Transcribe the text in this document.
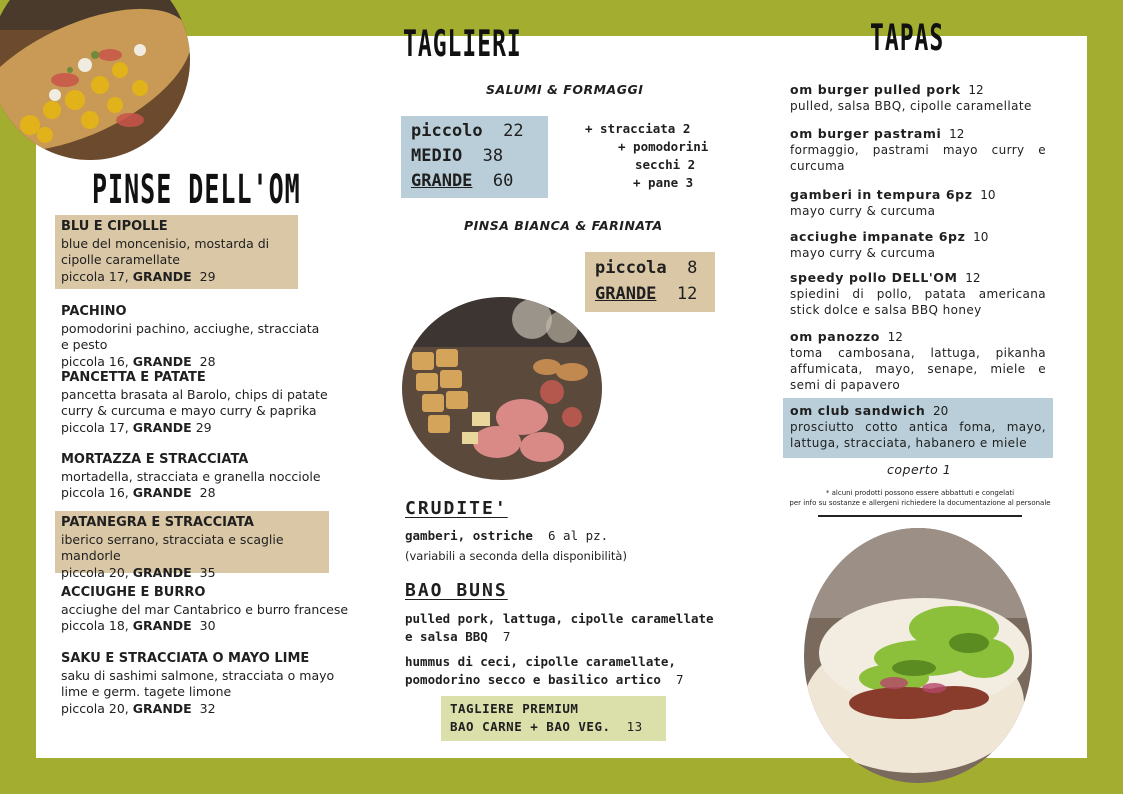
PINSE DELL'OM
BLU E CIPOLLE
blue del moncenisio, mostarda di cipolle caramellate
piccola 17, GRANDE 29
PACHINO
pomodorini pachino, acciughe, stracciata e pesto
piccola 16, GRANDE 28
PANCETTA E PATATE
pancetta brasata al Barolo, chips di patate curry & curcuma e mayo curry & paprika
piccola 17, GRANDE 29
MORTAZZA E STRACCIATA
mortadella, stracciata e granella nocciole
piccola 16, GRANDE 28
PATANEGRA E STRACCIATA
iberico serrano, stracciata e scaglie mandorle
piccola 20, GRANDE 35
ACCIUGHE E BURRO
acciughe del mar Cantabrico e burro francese
piccola 18, GRANDE 30
SAKU E STRACCIATA O MAYO LIME
saku di sashimi salmone, stracciata o mayo lime e germ. tagete limone
piccola 20, GRANDE 32
TAGLIERI
SALUMI & FORMAGGI
piccolo 22
MEDIO 38
GRANDE 60
+ stracciata 2
+ pomodorini
secchi 2
+ pane 3
PINSA BIANCA & FARINATA
piccola 8
GRANDE 12
CRUDITE'
gamberi, ostriche 6 al pz.
(variabili a seconda della disponibilità)
BAO BUNS
pulled pork, lattuga, cipolle caramellate e salsa BBQ 7
hummus di ceci, cipolle caramellate, pomodorino secco e basilico artico 7
TAGLIERE PREMIUM
BAO CARNE + BAO VEG. 13
TAPAS
om burger pulled pork 12
pulled, salsa BBQ, cipolle caramellate
om burger pastrami 12
formaggio, pastrami mayo curry e curcuma
gamberi in tempura 6pz 10
mayo curry & curcuma
acciughe impanate 6pz 10
mayo curry & curcuma
speedy pollo DELL'OM 12
spiedini di pollo, patata americana stick dolce e salsa BBQ honey
om panozzo 12
toma cambosana, lattuga, pikanha affumicata, mayo, senape, miele e semi di papavero
om club sandwich 20
prosciutto cotto antica foma, mayo, lattuga, stracciata, habanero e miele
coperto 1
* alcuni prodotti possono essere abbattuti e congelati
per info su sostanze e allergeni richiedere la documentazione al personale
